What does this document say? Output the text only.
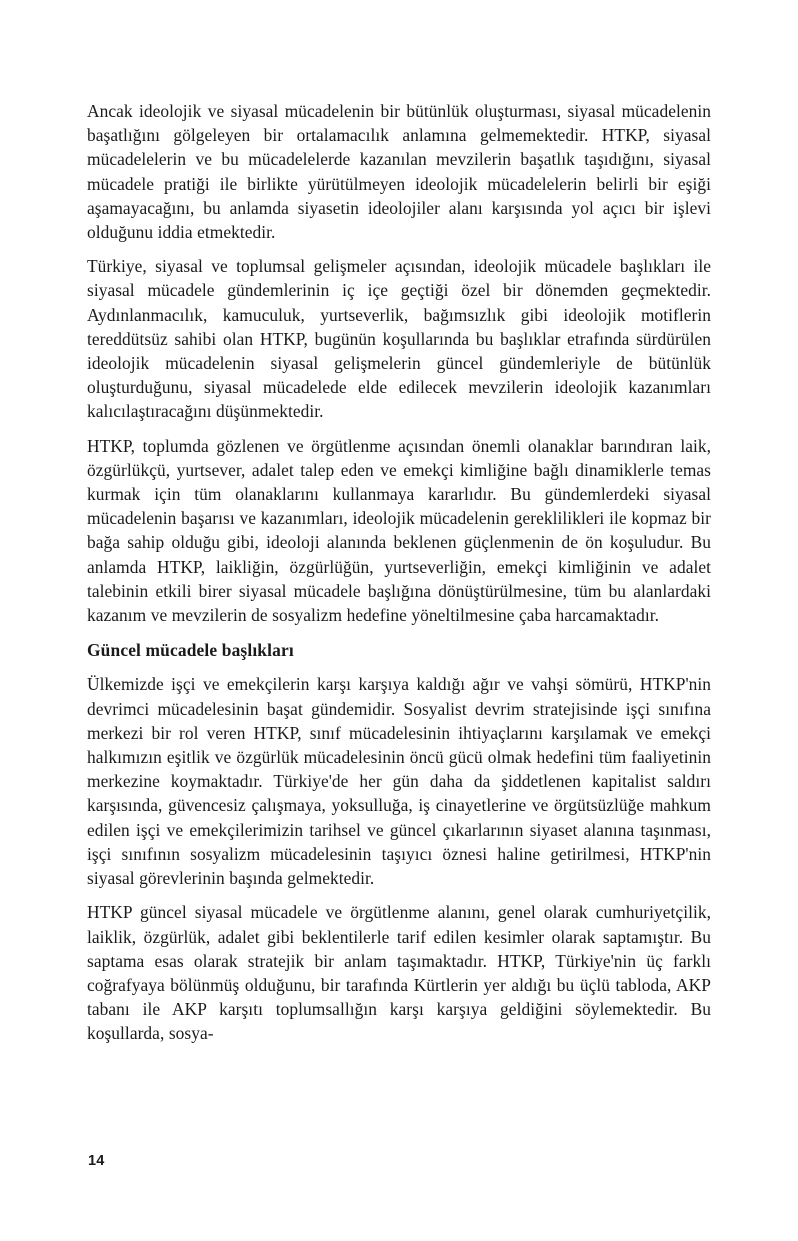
Ancak ideolojik ve siyasal mücadelenin bir bütünlük oluşturması, siyasal mücadelenin başatlığını gölgeleyen bir ortalamacılık anlamına gelmemektedir. HTKP, siyasal mücadelelerin ve bu mücadelelerde kazanılan mevzilerin başatlık taşıdığını, siyasal mücadele pratiği ile birlikte yürütülmeyen ideolojik mücadelelerin belirli bir eşiği aşamayacağını, bu anlamda siyasetin ideolojiler alanı karşısında yol açıcı bir işlevi olduğunu iddia etmektedir.

Türkiye, siyasal ve toplumsal gelişmeler açısından, ideolojik mücadele başlıkları ile siyasal mücadele gündemlerinin iç içe geçtiği özel bir dönemden geçmektedir. Aydınlanmacılık, kamuculuk, yurtseverlik, bağımsızlık gibi ideolojik motiflerin tereddütsüz sahibi olan HTKP, bugünün koşullarında bu başlıklar etrafında sürdürülen ideolojik mücadelenin siyasal gelişmelerin güncel gündemleriyle de bütünlük oluşturduğunu, siyasal mücadelede elde edilecek mevzilerin ideolojik kazanımları kalıcılaştıracağını düşünmektedir.

HTKP, toplumda gözlenen ve örgütlenme açısından önemli olanaklar barındıran laik, özgürlükçü, yurtsever, adalet talep eden ve emekçi kimliğine bağlı dinamiklerle temas kurmak için tüm olanaklarını kullanmaya kararlıdır. Bu gündemlerdeki siyasal mücadelenin başarısı ve kazanımları, ideolojik mücadelenin gereklilikleri ile kopmaz bir bağa sahip olduğu gibi, ideoloji alanında beklenen güçlenmenin de ön koşuludur. Bu anlamda HTKP, laikliğin, özgürlüğün, yurtseverliğin, emekçi kimliğinin ve adalet talebinin etkili birer siyasal mücadele başlığına dönüştürülmesine, tüm bu alanlardaki kazanım ve mevzilerin de sosyalizm hedefine yöneltilmesine çaba harcamaktadır.

Güncel mücadele başlıkları

Ülkemizde işçi ve emekçilerin karşı karşıya kaldığı ağır ve vahşi sömürü, HTKP'nin devrimci mücadelesinin başat gündemidir. Sosyalist devrim stratejisinde işçi sınıfına merkezi bir rol veren HTKP, sınıf mücadelesinin ihtiyaçlarını karşılamak ve emekçi halkımızın eşitlik ve özgürlük mücadelesinin öncü gücü olmak hedefini tüm faaliyetinin merkezine koymaktadır. Türkiye'de her gün daha da şiddetlenen kapitalist saldırı karşısında, güvencesiz çalışmaya, yoksulluğa, iş cinayetlerine ve örgütsüzlüğe mahkum edilen işçi ve emekçilerimizin tarihsel ve güncel çıkarlarının siyaset alanına taşınması, işçi sınıfının sosyalizm mücadelesinin taşıyıcı öznesi haline getirilmesi, HTKP'nin siyasal görevlerinin başında gelmektedir.

HTKP güncel siyasal mücadele ve örgütlenme alanını, genel olarak cumhuriyetçilik, laiklik, özgürlük, adalet gibi beklentilerle tarif edilen kesimler olarak saptamıştır. Bu saptama esas olarak stratejik bir anlam taşımaktadır. HTKP, Türkiye'nin üç farklı coğrafyaya bölünmüş olduğunu, bir tarafında Kürtlerin yer aldığı bu üçlü tabloda, AKP tabanı ile AKP karşıtı toplumsallığın karşı karşıya geldiğini söylemektedir. Bu koşullarda, sosya-

14
